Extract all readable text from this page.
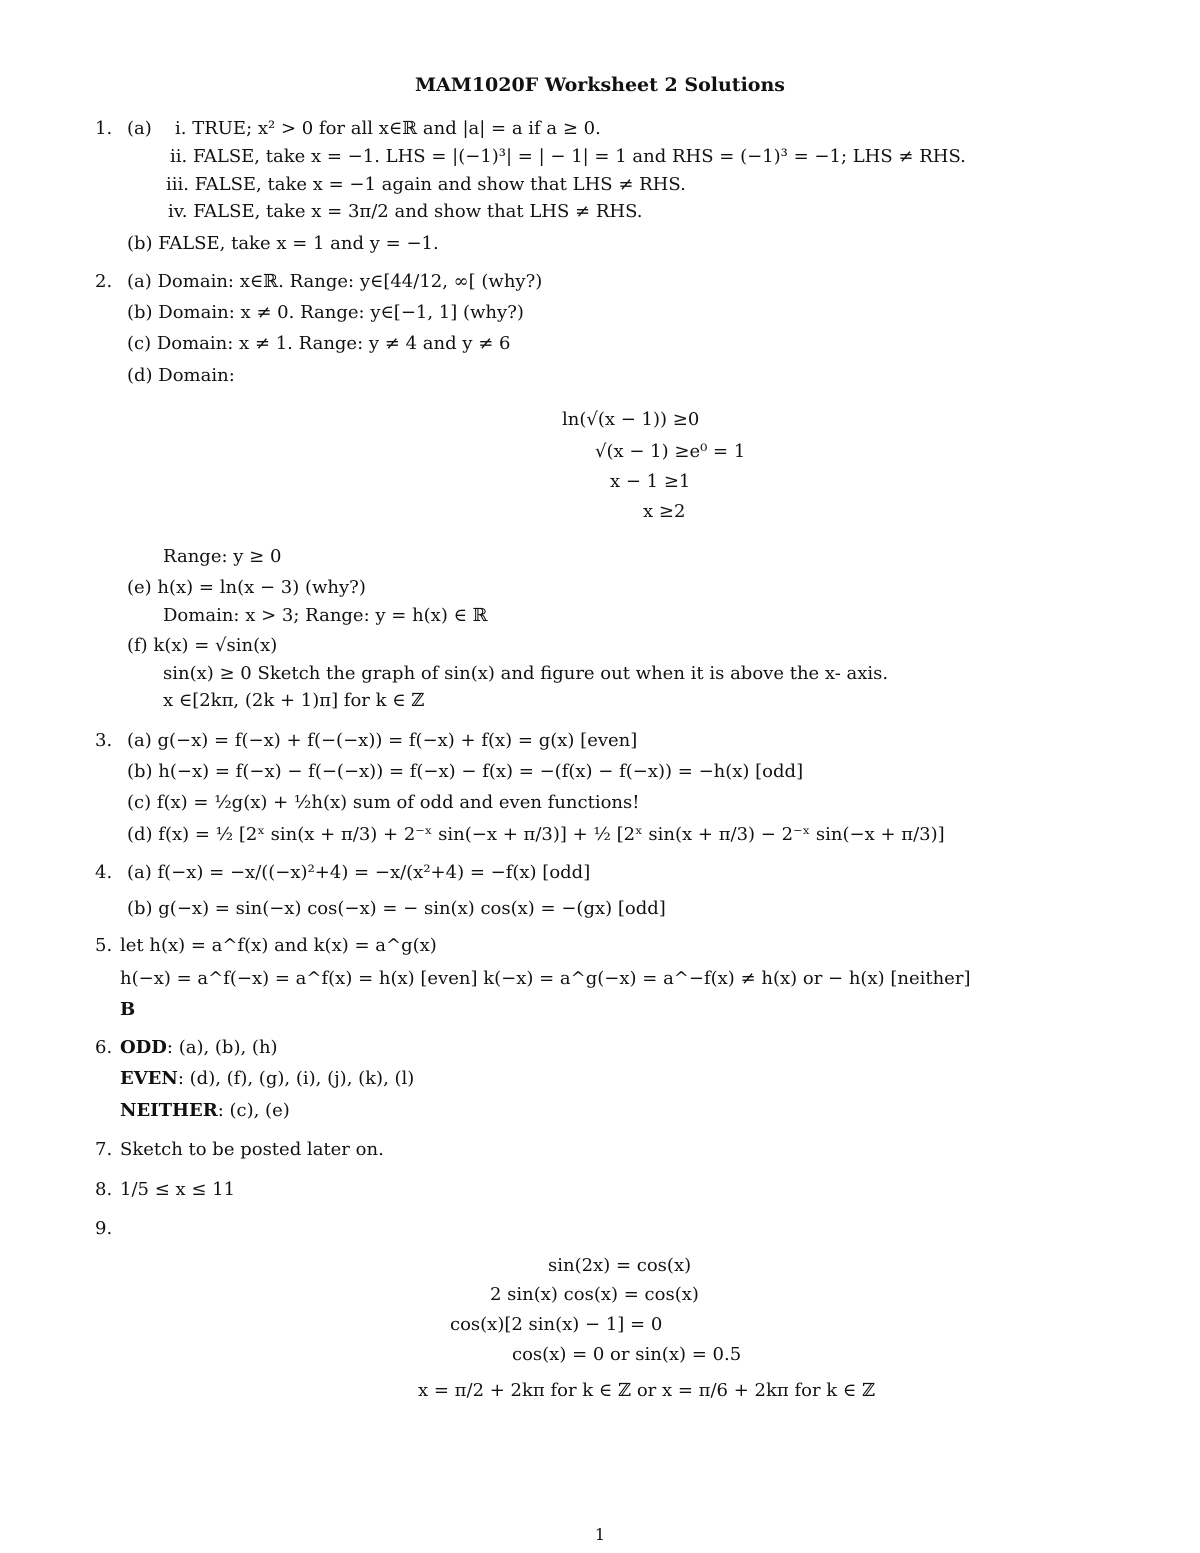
MAM1020F Worksheet 2 Solutions
1. (a) i. TRUE; x² > 0 for all x∈ℝ and |a| = a if a ≥ 0.
ii. FALSE, take x = −1. LHS = |(−1)³| = | − 1| = 1 and RHS = (−1)³ = −1; LHS ≠ RHS.
iii. FALSE, take x = −1 again and show that LHS ≠ RHS.
iv. FALSE, take x = 3π/2 and show that LHS ≠ RHS.
(b) FALSE, take x = 1 and y = −1.
2. (a) Domain: x∈ℝ. Range: y∈[44/12, ∞[ (why?)
(b) Domain: x ≠ 0. Range: y∈[−1, 1] (why?)
(c) Domain: x ≠ 1. Range: y ≠ 4 and y ≠ 6
(d) Domain:
ln(√(x − 1)) ≥0
√(x − 1) ≥e⁰ = 1
x − 1 ≥1
x ≥2
Range: y ≥ 0
(e) h(x) = ln(x − 3) (why?)
Domain: x > 3; Range: y = h(x) ∈ ℝ
(f) k(x) = √sin(x)
sin(x) ≥ 0 Sketch the graph of sin(x) and figure out when it is above the x- axis.
x ∈[2kπ, (2k + 1)π] for k ∈ ℤ
3. (a) g(−x) = f(−x) + f(−(−x)) = f(−x) + f(x) = g(x) [even]
(b) h(−x) = f(−x) − f(−(−x)) = f(−x) − f(x) = −(f(x) − f(−x)) = −h(x) [odd]
(c) f(x) = ½g(x) + ½h(x) sum of odd and even functions!
(d) f(x) = ½ [2ˣ sin(x + π/3) + 2⁻ˣ sin(−x + π/3)] + ½ [2ˣ sin(x + π/3) − 2⁻ˣ sin(−x + π/3)]
4. (a) f(−x) = −x/((−x)²+4) = −x/(x²+4) = −f(x) [odd]
(b) g(−x) = sin(−x) cos(−x) = − sin(x) cos(x) = −(gx) [odd]
5. let h(x) = a^f(x) and k(x) = a^g(x)
h(−x) = a^f(−x) = a^f(x) = h(x) [even] k(−x) = a^g(−x) = a^−f(x) ≠ h(x) or − h(x) [neither]
B
6. ODD: (a), (b), (h)
EVEN: (d), (f), (g), (i), (j), (k), (l)
NEITHER: (c), (e)
7. Sketch to be posted later on.
8. 1/5 ≤ x ≤ 11
9.
sin(2x) = cos(x)
2 sin(x) cos(x) = cos(x)
cos(x)[2 sin(x) − 1] = 0
cos(x) = 0 or sin(x) = 0.5
x = π/2 + 2kπ for k ∈ ℤ or x = π/6 + 2kπ for k ∈ ℤ
1
